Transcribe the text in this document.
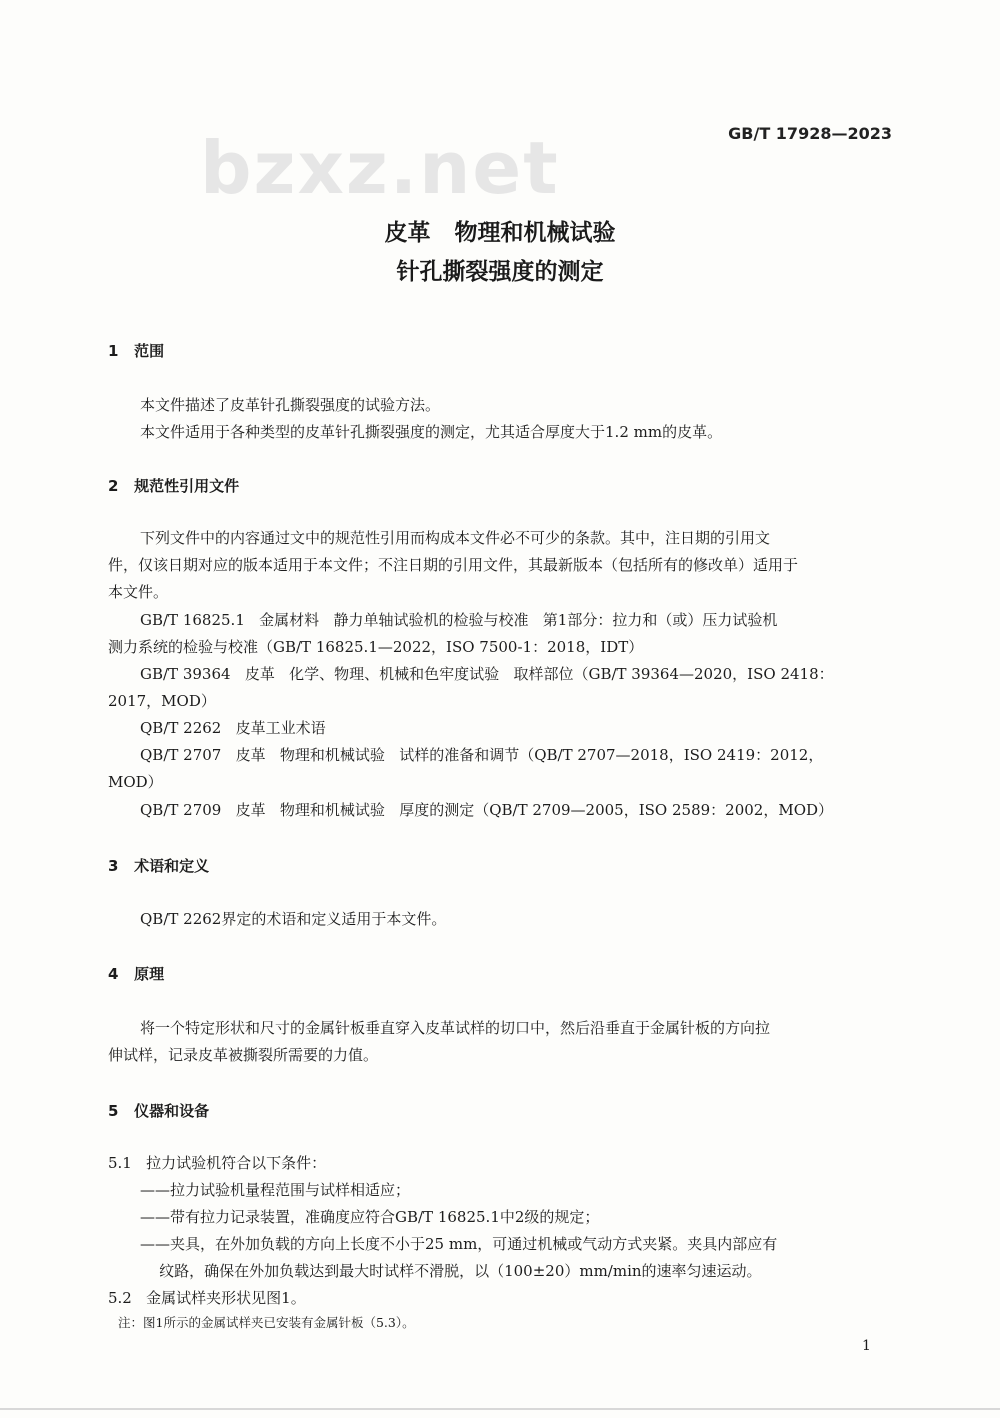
bzxz.net	GB/T 17928—2023
皮革   物理和机械试验
针孔撕裂强度的测定
1   范围
本文件描述了皮革针孔撕裂强度的试验方法。
本文件适用于各种类型的皮革针孔撕裂强度的测定，尤其适合厚度大于1.2 mm的皮革。
2   规范性引用文件
下列文件中的内容通过文中的规范性引用而构成本文件必不可少的条款。其中，注日期的引用文
件，仅该日期对应的版本适用于本文件；不注日期的引用文件，其最新版本（包括所有的修改单）适用于
本文件。
GB/T 16825.1   金属材料   静力单轴试验机的检验与校准   第1部分：拉力和（或）压力试验机
测力系统的检验与校准（GB/T 16825.1—2022，ISO 7500-1：2018，IDT）
GB/T 39364   皮革   化学、物理、机械和色牢度试验   取样部位（GB/T 39364—2020，ISO 2418：
2017，MOD）
QB/T 2262   皮革工业术语
QB/T 2707   皮革   物理和机械试验   试样的准备和调节（QB/T 2707—2018，ISO 2419：2012，
MOD）
QB/T 2709   皮革   物理和机械试验   厚度的测定（QB/T 2709—2005，ISO 2589：2002，MOD）
3   术语和定义
QB/T 2262界定的术语和定义适用于本文件。
4   原理
将一个特定形状和尺寸的金属针板垂直穿入皮革试样的切口中，然后沿垂直于金属针板的方向拉
伸试样，记录皮革被撕裂所需要的力值。
5   仪器和设备
5.1   拉力试验机符合以下条件：
——拉力试验机量程范围与试样相适应；
——带有拉力记录装置，准确度应符合GB/T 16825.1中2级的规定；
——夹具，在外加负载的方向上长度不小于25 mm，可通过机械或气动方式夹紧。夹具内部应有
纹路，确保在外加负载达到最大时试样不滑脱，以（100±20）mm/min的速率匀速运动。
5.2   金属试样夹形状见图1。
注：图1所示的金属试样夹已安装有金属针板（5.3）。
1
